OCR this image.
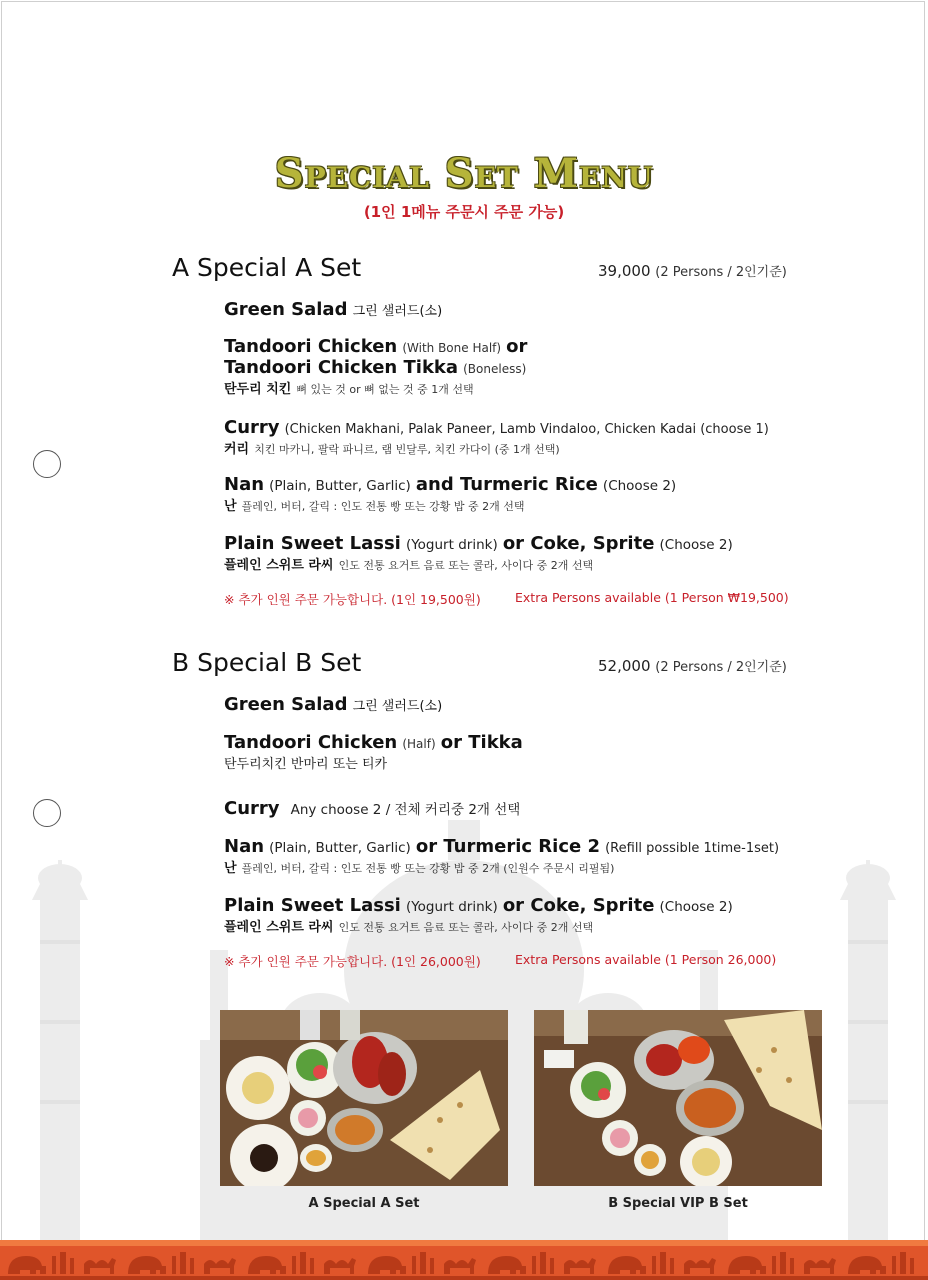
Special Set Menu
(1인 1메뉴 주문시 주문 가능)
A Special A Set	39,000 (2 Persons / 2인기준)
Green Salad 그린 샐러드(소)
Tandoori Chicken (With Bone Half) or
Tandoori Chicken Tikka (Boneless)
탄두리 치킨 뼈 있는 것 or 뼈 없는 것 중 1개 선택
Curry (Chicken Makhani, Palak Paneer, Lamb Vindaloo, Chicken Kadai (choose 1)
커리 치킨 마카니, 팔락 파니르, 램 빈달루, 치킨 카다이 (중 1개 선택)
Nan (Plain, Butter, Garlic) and Turmeric Rice (Choose 2)
난 플레인, 버터, 갈릭 : 인도 전통 빵 또는 강황 밥 중 2개 선택
Plain Sweet Lassi (Yogurt drink) or Coke, Sprite (Choose 2)
플레인 스위트 라씨 인도 전통 요거트 음료 또는 콜라, 사이다 중 2개 선택
※ 추가 인원 주문 가능합니다. (1인 19,500원)	Extra Persons available (1 Person ₩19,500)
B Special B Set	52,000 (2 Persons / 2인기준)
Green Salad 그린 샐러드(소)
Tandoori Chicken (Half) or Tikka
탄두리치킨 반마리 또는 티카
Curry Any choose 2 / 전체 커리중 2개 선택
Nan (Plain, Butter, Garlic) or Turmeric Rice 2 (Refill possible 1time-1set)
난 플레인, 버터, 갈릭 : 인도 전통 빵 또는 강황 밥 중 2개 (인원수 주문시 리필됨)
Plain Sweet Lassi (Yogurt drink) or Coke, Sprite (Choose 2)
플레인 스위트 라씨 인도 전통 요거트 음료 또는 콜라, 사이다 중 2개 선택
※ 추가 인원 주문 가능합니다. (1인 26,000원)	Extra Persons available (1 Person 26,000)
A Special A Set	B Special VIP B Set
